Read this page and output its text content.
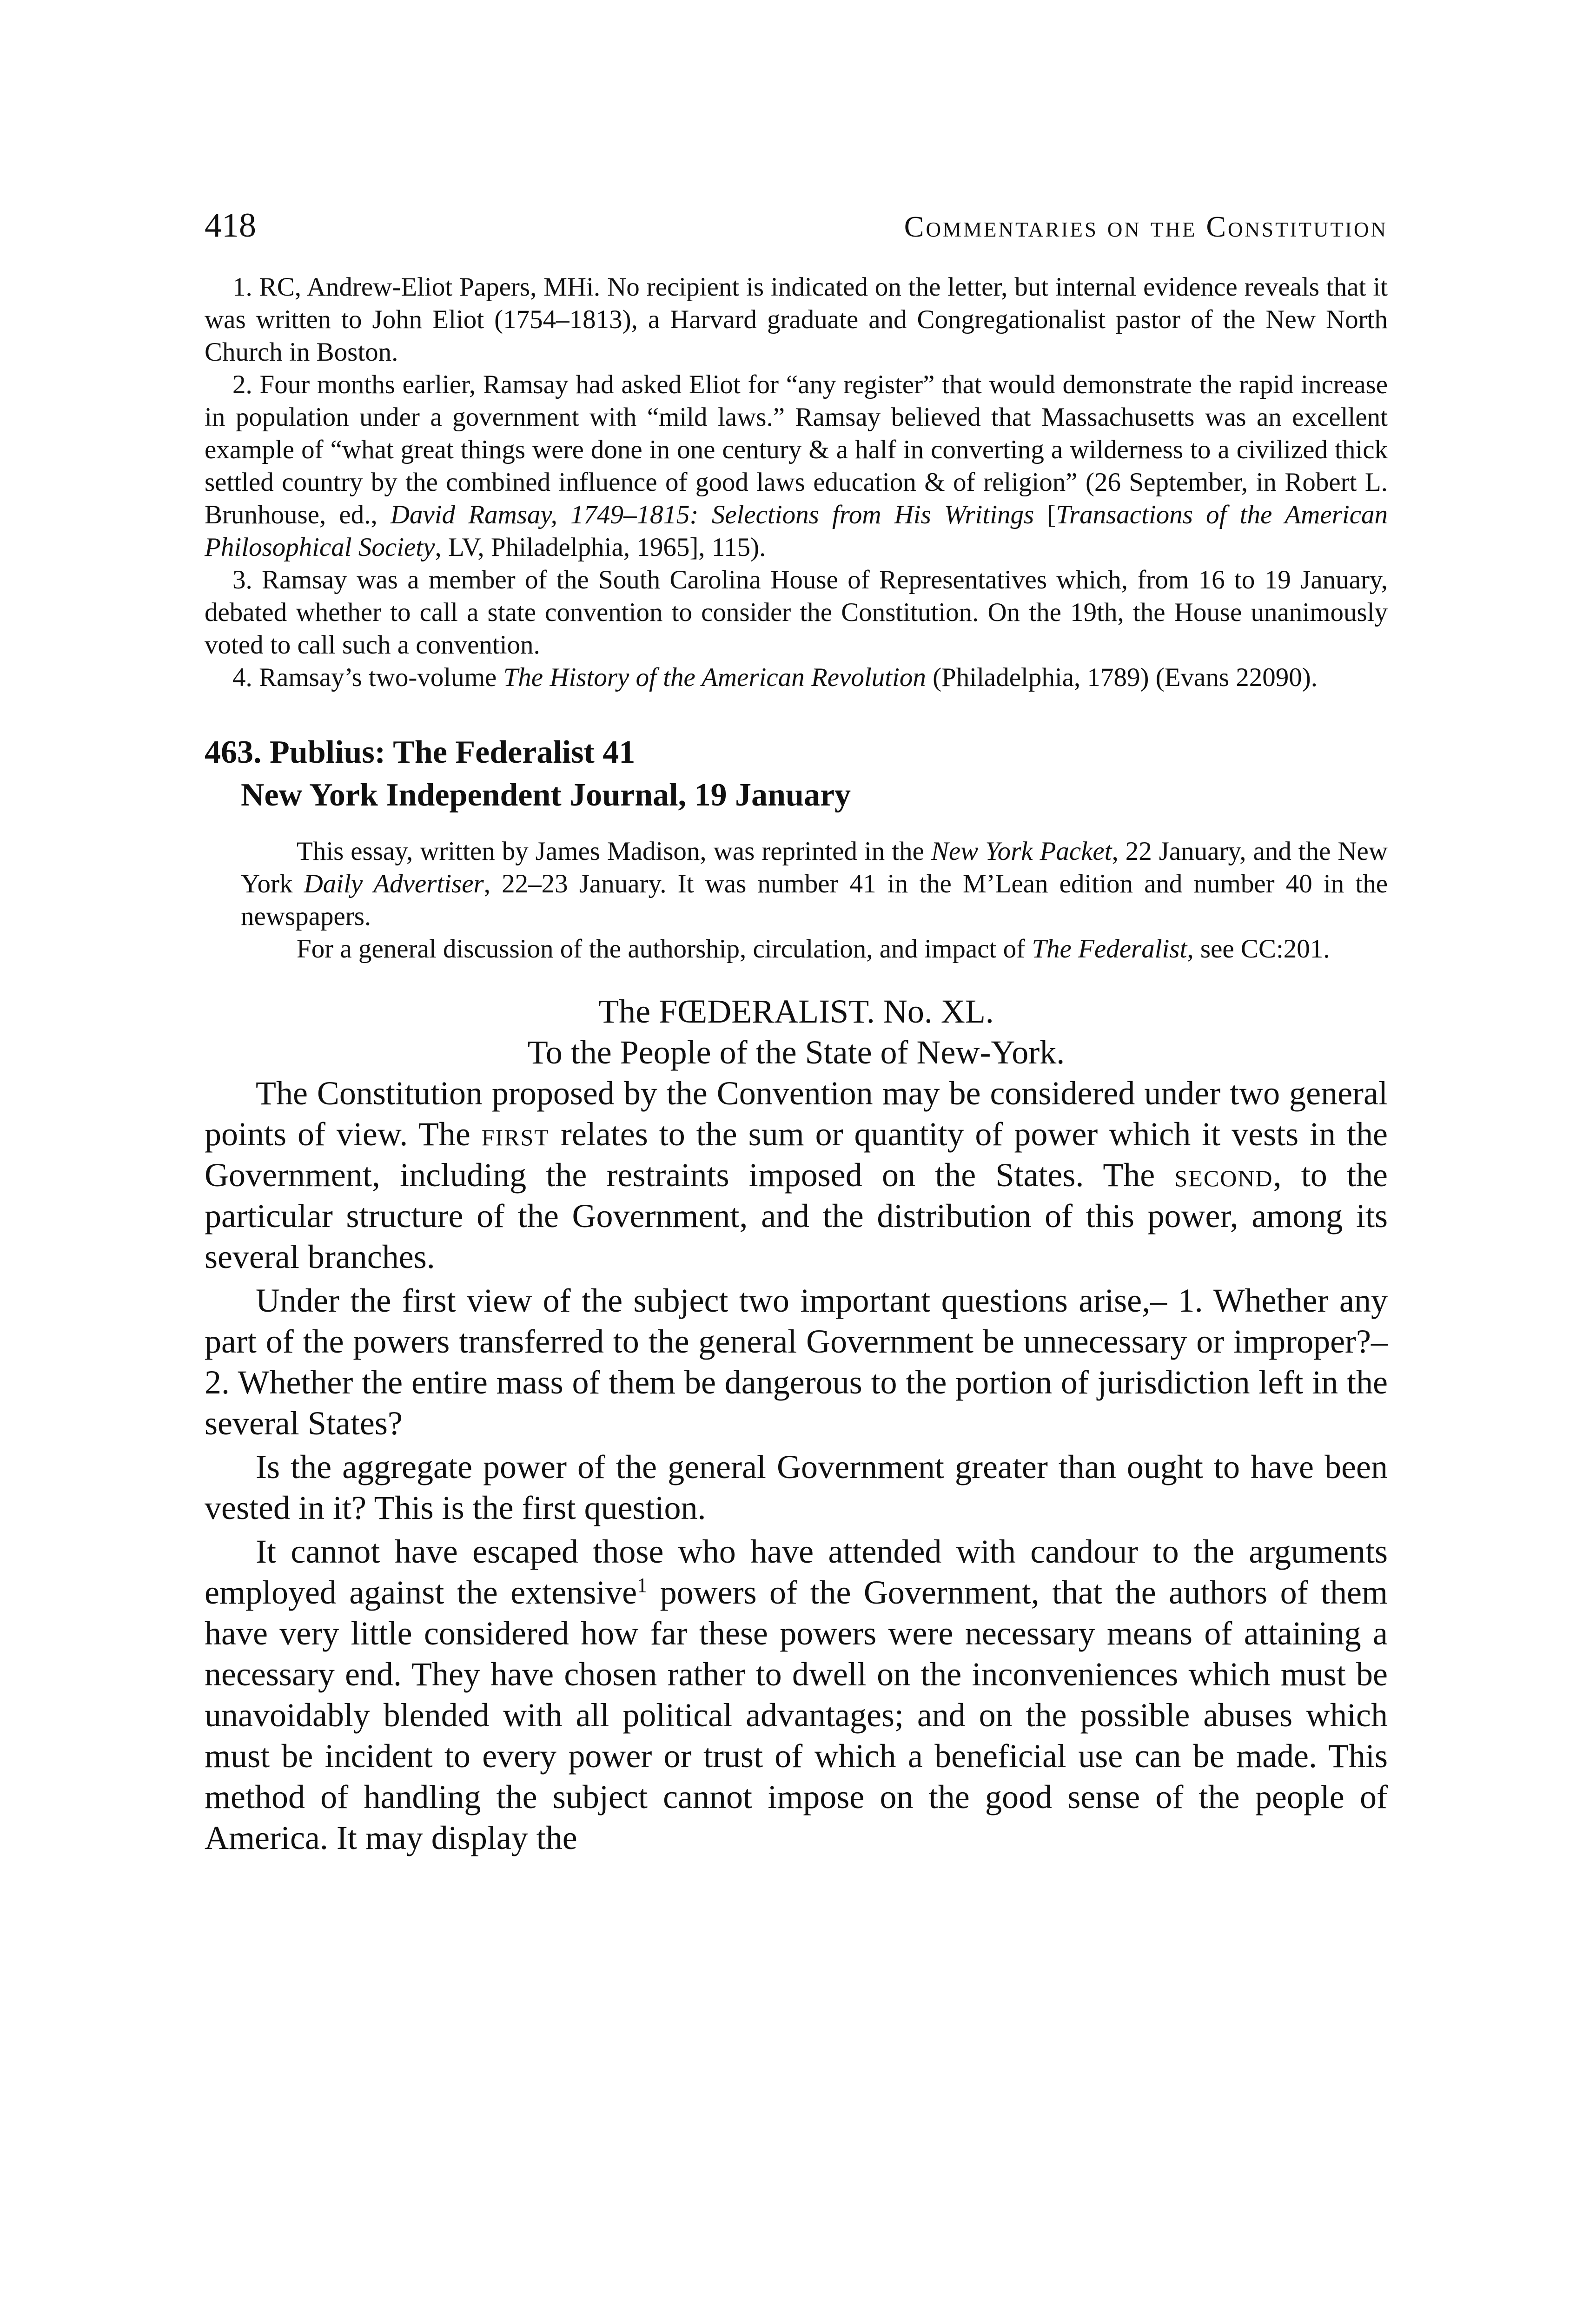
418	Commentaries on the Constitution

1. RC, Andrew-Eliot Papers, MHi. No recipient is indicated on the letter, but internal evidence reveals that it was written to John Eliot (1754–1813), a Harvard graduate and Congregationalist pastor of the New North Church in Boston.

2. Four months earlier, Ramsay had asked Eliot for “any register” that would demonstrate the rapid increase in population under a government with “mild laws.” Ramsay believed that Massachusetts was an excellent example of “what great things were done in one century & a half in converting a wilderness to a civilized thick settled country by the combined influence of good laws education & of religion” (26 September, in Robert L. Brunhouse, ed., David Ramsay, 1749–1815: Selections from His Writings [Transactions of the American Philosophical Society, LV, Philadelphia, 1965], 115).

3. Ramsay was a member of the South Carolina House of Representatives which, from 16 to 19 January, debated whether to call a state convention to consider the Constitution. On the 19th, the House unanimously voted to call such a convention.

4. Ramsay’s two-volume The History of the American Revolution (Philadelphia, 1789) (Evans 22090).

463. Publius: The Federalist 41
New York Independent Journal, 19 January

This essay, written by James Madison, was reprinted in the New York Packet, 22 January, and the New York Daily Advertiser, 22–23 January. It was number 41 in the M’Lean edition and number 40 in the newspapers.

For a general discussion of the authorship, circulation, and impact of The Federalist, see CC:201.

The FŒDERALIST. No. XL.

To the People of the State of New-York.

The Constitution proposed by the Convention may be considered under two general points of view. The first relates to the sum or quantity of power which it vests in the Government, including the restraints imposed on the States. The second, to the particular structure of the Government, and the distribution of this power, among its several branches.

Under the first view of the subject two important questions arise,– 1. Whether any part of the powers transferred to the general Government be unnecessary or improper?–2. Whether the entire mass of them be dangerous to the portion of jurisdiction left in the several States?

Is the aggregate power of the general Government greater than ought to have been vested in it? This is the first question.

It cannot have escaped those who have attended with candour to the arguments employed against the extensive$^1$ powers of the Government, that the authors of them have very little considered how far these powers were necessary means of attaining a necessary end. They have chosen rather to dwell on the inconveniences which must be unavoidably blended with all political advantages; and on the possible abuses which must be incident to every power or trust of which a beneficial use can be made. This method of handling the subject cannot impose on the good sense of the people of America. It may display the
